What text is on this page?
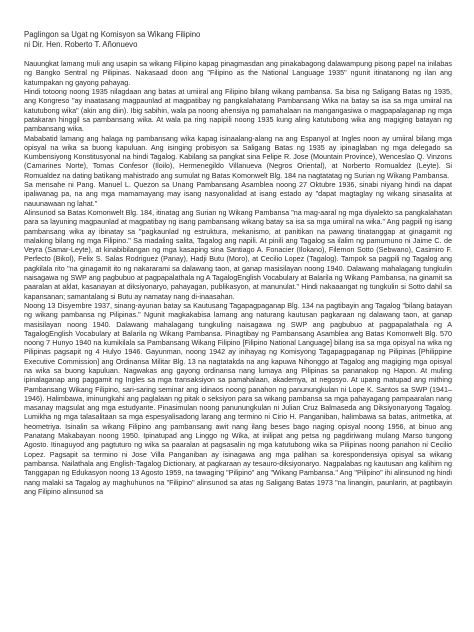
Paglingon sa Ugat ng Komisyon sa Wikang Filipino
ni Dir. Hen. Roberto T. Añonuevo

Nauungkat lamang muli ang usapin sa wikang Filipino kapag pinagmasdan ang pinakabagong dalawampung pisong papel na inilabas ng Bangko Sentral ng Pilipinas. Nakasaad doon ang "Filipino as the National Language 1935" ngunit itinatanong ng ilan ang katumpakan ng gayong pahayag.

Hindi totoong noong 1935 nilagdaan ang batas at umiiral ang Filipino bilang wikang pambansa. Sa bisa ng Saligang Batas ng 1935, ang Kongreso "ay inaatasang magpaunlad at magpatibay ng pangkalahatang Pambansang Wika na batay sa isa sa mga umiiral na katutubong wika" (akin ang diin). Ibig sabihin, wala pa noong ahensiya ng pamahalaan na mangangasiwa o magpapalaganap ng mga patakaran hinggil sa pambansang wika. At wala pa ring napipili noong 1935 kung aling katutubong wika ang magiging batayan ng pambansang wika.

Mababatid lamang ang halaga ng pambansang wika kapag isinaalang-alang na ang Espanyol at Ingles noon ay umiiral bilang mga opisyal na wika sa buong kapuluan. Ang isinging probisyon sa Saligang Batas ng 1935 ay ipinaglaban ng mga delegado sa Kumbensiyong Konstitusyonal na hindi Tagalog. Kabilang sa pangkat sina Felipe R. Jose (Mountain Province), Wenceslao Q. Vinzons (Camarines Norte), Tomas Confesor (Iloilo), Hermenegildo Villanueva (Negros Oriental), at Norberto Romualdez (Leyte). Si Romualdez na dating batikang mahistrado ang sumulat ng Batas Komonwelt Blg. 184 na nagtatatag ng Surian ng Wikang Pambansa.

Sa mensahe ni Pang. Manuel L. Quezon sa Unang Pambansang Asamblea noong 27 Oktubre 1936, sinabi niyang hindi na dapat ipaliwanag pa, na ang mga mamamayang may isang nasyonalidad at isang estado ay "dapat magtaglay ng wikang sinasalita at nauunawaan ng lahat."

Alinsunod sa Batas Komonwelt Blg. 184, itinatag ang Surian ng Wikang Pambansa "na mag-aaral ng mga diyalekto sa pangkalahatan para sa layuning magpaunlad at magpatibay ng isang pambansang wikang batay sa isa sa mga umiiral na wika." Ang pagpili ng isang pambansang wika ay ibinatay sa "pagkaunlad ng estruktura, mekanismo, at panitikan na pawang tinatanggap at ginagamit ng malaking bilang ng mga Filipino." Sa madaling salita, Tagalog ang napili. At pinili ang Tagalog sa ilalim ng pamumuno ni Jaime C. de Veyra (Samar-Leyte), at kinabibilangan ng mga kasaping sina Santiago A. Fonacier (Ilokano), Filemon Sotto (Sebwano), Casimiro F. Perfecto (Bikol), Felix S. Salas Rodriguez (Panay), Hadji Butu (Moro), at Cecilio Lopez (Tagalog). Tampok sa pagpili ng Tagalog ang pagkilala rito "na ginagamit ito ng nakararami sa dalawang taon, at ganap masisilayan noong 1940. Dalawang mahalagang tungkulin naisagawa ng SWP ang pagbubuo at pagpapalathala ng A TagalogEnglish Vocabulary at Balarila ng Wikang Pambansa, na ginamit sa paaralan at aklat, kasanayan at diksiyonaryo, pahayagan, publikasyon, at manunulat." Hindi nakaaangat ng tungkulin si Sotto dahil sa kapansanan; samantalang si Butu ay namatay nang di-inaasahan.

Noong 13 Disyembre 1937, sinang-ayunan batay sa Kautusang Tagapagpaganap Blg. 134 na pagtibayin ang Tagalog "bilang batayan ng wikang pambansa ng Pilipinas." Ngunit magkakabisa lamang ang naturang kautusan pagkaraan ng dalawang taon, at ganap masisilayan noong 1940. Dalawang mahalagang tungkuling naisagawa ng SWP ang pagbubuo at pagpapalathala ng A TagalogEnglish Vocabulary at Balarila ng Wikang Pambansa. Pinagtibay ng Pambansang Asamblea ang Batas Komonwelt Blg. 570 noong 7 Hunyo 1940 na kumikilala sa Pambansang Wikang Filipino [Filipino National Language] bilang isa sa mga opisyal na wika ng Pilipinas pagsapit ng 4 Hulyo 1946. Gayunman, noong 1942 ay inihayag ng Komisyong Tagapagpaganap ng Pilipinas [Philippine Executive Commission] ang Ordinansa Militar Blg. 13 na nagtatakda na ang kapuwa Nihonggo at Tagalog ang magiging mga opisyal na wika sa buong kapuluan. Nagwakas ang gayong ordinansa nang lumaya ang Pilipinas sa pananakop ng Hapon. At muling ipinalaganap ang paggamit ng Ingles sa mga transaksiyon sa pamahalaan, akademya, at negosyo. At upang matupad ang mithing Pambansang Wikang Filipino, sari-saring seminar ang idinaos noong panahon ng panunungkulan ni Lope K. Santos sa SWP (1941–1946). Halimbawa, iminungkahi ang paglalaan ng pitak o seksiyon para sa wikang pambansa sa mga pahayagang pampaaralan nang masanay magsulat ang mga estudyante. Pinasimulan noong panunungkulan ni Julian Cruz Balmaseda ang Diksiyonaryong Tagalog. Lumikha ng mga talasalitaan sa mga espesyalisadong larang ang termino ni Cirio H. Panganiban, halimbawa sa batas, aritmetika, at heometriya. Isinalin sa wikang Filipino ang pambansang awit nang ilang beses bago naging opisyal noong 1956, at binuo ang Panatang Makabayan noong 1950. Ipinatupad ang Linggo ng Wika, at inilipat ang petsa ng pagdiriwang mulang Marso tungong Agosto. Itinaguyod ang pagtuturo ng wika sa paaralan at pagsasalin ng mga katutubong wika sa Pilipinas noong panahon ni Cecilio Lopez. Pagsapit sa termino ni Jose Villa Panganiban ay isinagawa ang mga palihan sa korespondensiya opisyal sa wikang pambansa. Nailathala ang English-Tagalog Dictionary, at pagkaraan ay tesauro-diksiyonaryo. Nagpalabas ng kautusan ang kalihim ng Tanggapan ng Edukasyon noong 13 Agosto 1959, na tawaging "Pilipino" ang "Wikang Pambansa." Ang "Pilipino" ihi alinsunod ng hindi nang malaki sa Tagalog ay maghuhunos na "Filipino" alinsunod sa atas ng Saligang Batas 1973 "na linangin, paunlarin, at pagtibayin ang Filipino alinsunod sa
